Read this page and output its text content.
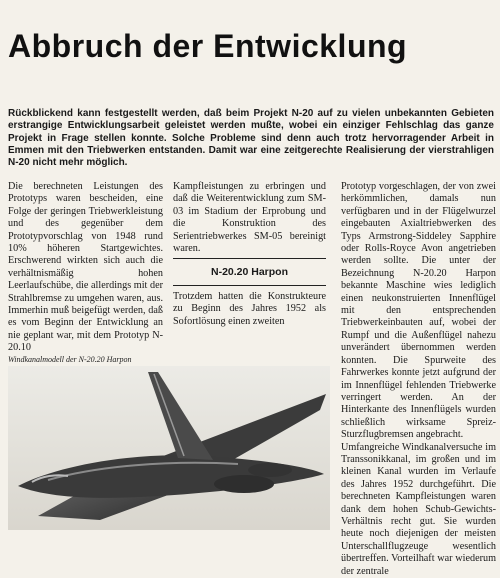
Abbruch der Entwicklung
Rückblickend kann festgestellt werden, daß beim Projekt N-20 auf zu vielen unbekannten Gebieten erstrangige Entwicklungsarbeit geleistet werden mußte, wobei ein einziger Fehlschlag das ganze Projekt in Frage stellen konnte. Solche Probleme sind denn auch trotz hervorragender Arbeit in Emmen mit den Triebwerken entstanden. Damit war eine zeitgerechte Realisierung der vierstrahligen N-20 nicht mehr möglich.

Die berechneten Leistungen des Prototyps waren bescheiden, eine Folge der geringen Triebwerkleistung und des gegenüber dem Prototypvorschlag von 1948 rund 10% höheren Startgewichtes. Erschwerend wirkten sich auch die verhältnismäßig hohen Leerlaufschübe, die allerdings mit der Strahlbremse zu umgehen waren, aus. Immerhin muß beigefügt werden, daß es vom Beginn der Entwicklung an nie geplant war, mit dem Prototyp N-20.10

Kampfleistungen zu erbringen und daß die Weiterentwicklung zum SM-03 im Stadium der Erprobung und die Konstruktion des Serientriebwerkes SM-05 bereinigt waren.

N-20.20 Harpon

Trotzdem hatten die Konstrukteure zu Beginn des Jahres 1952 als Sofortlösung einen zweiten

Prototyp vorgeschlagen, der von zwei herkömmlichen, damals nun verfügbaren und in der Flügelwurzel eingebauten Axialtriebwerken des Typs Armstrong-Siddeley Sapphire oder Rolls-Royce Avon angetrieben werden sollte. Die unter der Bezeichnung N-20.20 Harpon bekannte Maschine wies lediglich einen neukonstruierten Innenflügel mit den entsprechenden Triebwerkeinbauten auf, wobei der Rumpf und die Außenflügel nahezu unverändert übernommen werden konnten. Die Spurweite des Fahrwerkes konnte jetzt aufgrund der im Innenflügel fehlenden Triebwerke verringert werden. An der Hinterkante des Innenflügels wurden schließlich wirksame Spreiz-Sturzflugbremsen angebracht.

Umfangreiche Windkanalversuche im Transsonikkanal, im großen und im kleinen Kanal wurden im Verlaufe des Jahres 1952 durchgeführt. Die berechneten Kampfleistungen waren dank dem hohen Schub-Gewichts-Verhältnis recht gut. Sie wurden heute noch diejenigen der meisten Unterschallflugzeuge wesentlich übertreffen. Vorteilhaft war wiederum der zentrale

Windkanalmodell der N-20.20 Harpon
